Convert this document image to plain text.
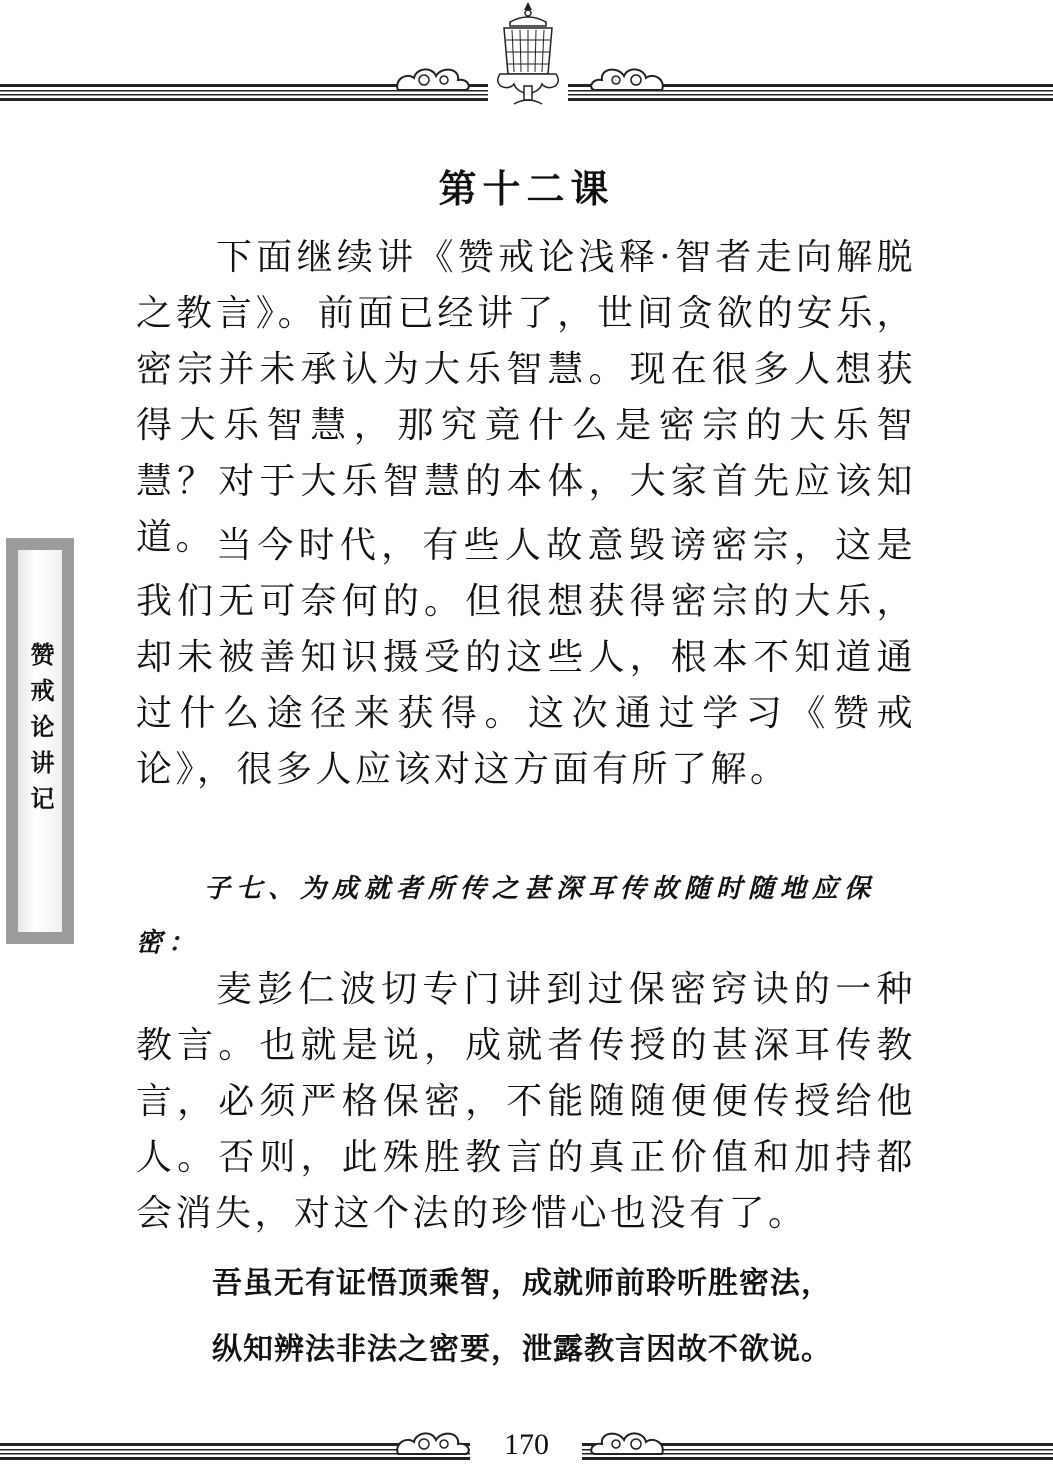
第十二课

下面继续讲《赞戒论浅释·智者走向解脱之教言》。前面已经讲了，世间贪欲的安乐，密宗并未承认为大乐智慧。现在很多人想获得大乐智慧，那究竟什么是密宗的大乐智慧？对于大乐智慧的本体，大家首先应该知道。 当今时代，有些人故意毁谤密宗，这是我们无可奈何的。但很想获得密宗的大乐，却未被善知识摄受的这些人，根本不知道通过什么途径来获得。这次通过学习《赞戒论》，很多人应该对这方面有所了解。

子七、为成就者所传之甚深耳传故随时随地应保密：

麦彭仁波切专门讲到过保密窍诀的一种教言。也就是说，成就者传授的甚深耳传教言，必须严格保密，不能随随便便传授给他人。否则，此殊胜教言的真正价值和加持都会消失，对这个法的珍惜心也没有了。

吾虽无有证悟顶乘智，成就师前聆听胜密法，
纵知辨法非法之密要，泄露教言因故不欲说。
赞戒论讲记
170
